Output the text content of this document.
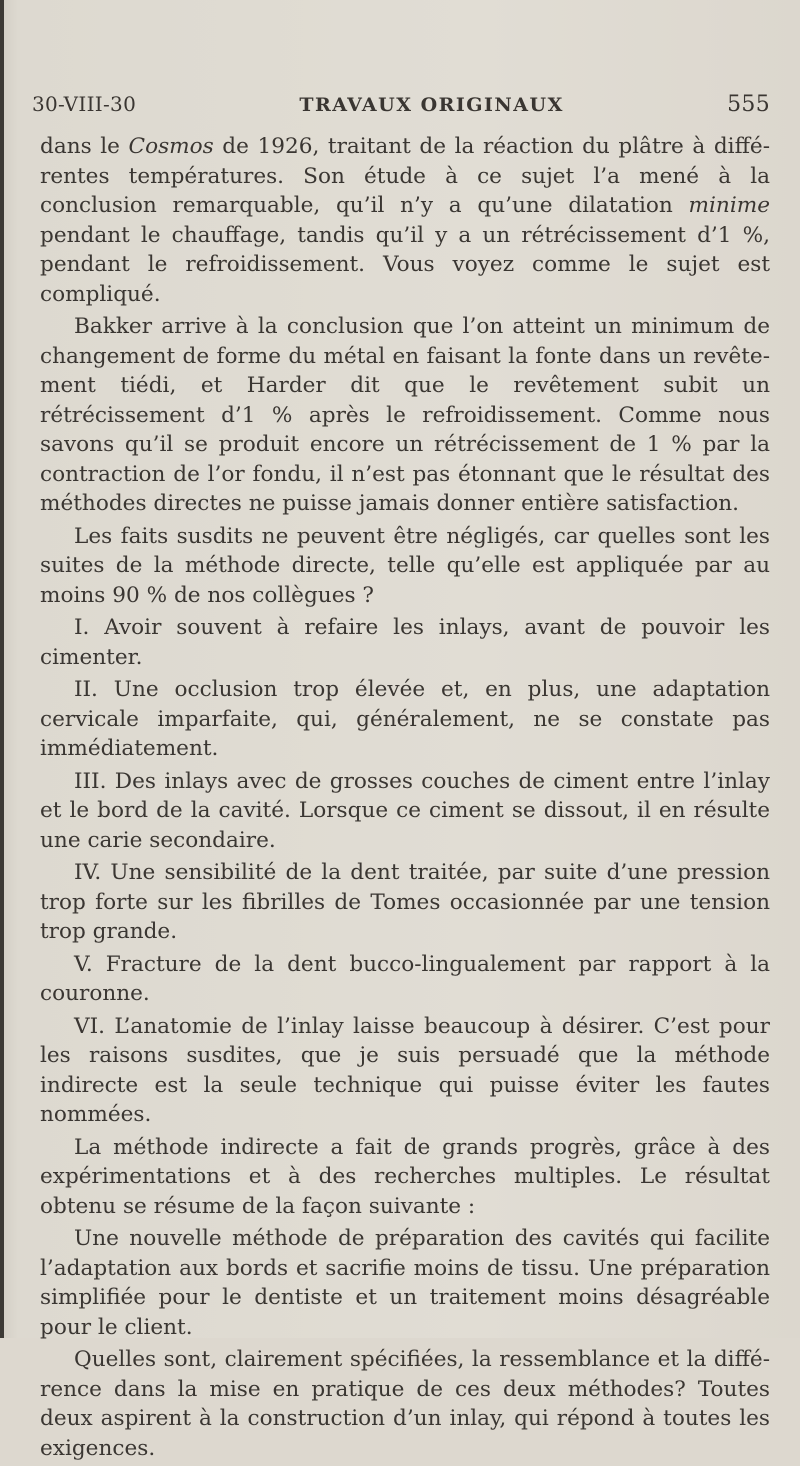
30-VIII-30	TRAVAUX ORIGINAUX	555

dans le Cosmos de 1926, traitant de la réaction du plâtre à différentes températures. Son étude à ce sujet l’a mené à la conclusion remarquable, qu’il n’y a qu’une dilatation minime pendant le chauffage, tandis qu’il y a un rétrécissement d’1 %, pendant le refroidissement. Vous voyez comme le sujet est compliqué.

Bakker arrive à la conclusion que l’on atteint un minimum de changement de forme du métal en faisant la fonte dans un revêtement tiédi, et Harder dit que le revêtement subit un rétrécissement d’1 % après le refroidissement. Comme nous savons qu’il se produit encore un rétrécissement de 1 % par la contraction de l’or fondu, il n’est pas étonnant que le résultat des méthodes directes ne puisse jamais donner entière satisfaction.

Les faits susdits ne peuvent être négligés, car quelles sont les suites de la méthode directe, telle qu’elle est appliquée par au moins 90 % de nos collègues ?

I. Avoir souvent à refaire les inlays, avant de pouvoir les cimenter.

II. Une occlusion trop élevée et, en plus, une adaptation cervicale imparfaite, qui, généralement, ne se constate pas immédiatement.

III. Des inlays avec de grosses couches de ciment entre l’inlay et le bord de la cavité. Lorsque ce ciment se dissout, il en résulte une carie secondaire.

IV. Une sensibilité de la dent traitée, par suite d’une pression trop forte sur les fibrilles de Tomes occasionnée par une tension trop grande.

V. Fracture de la dent bucco-lingualement par rapport à la couronne.

VI. L’anatomie de l’inlay laisse beaucoup à désirer. C’est pour les raisons susdites, que je suis persuadé que la méthode indirecte est la seule technique qui puisse éviter les fautes nommées.

La méthode indirecte a fait de grands progrès, grâce à des expérimentations et à des recherches multiples. Le résultat obtenu se résume de la façon suivante :

Une nouvelle méthode de préparation des cavités qui facilite l’adaptation aux bords et sacrifie moins de tissu. Une préparation simplifiée pour le dentiste et un traitement moins désagréable pour le client.

Quelles sont, clairement spécifiées, la ressemblance et la différence dans la mise en pratique de ces deux méthodes? Toutes deux aspirent à la construction d’un inlay, qui répond à toutes les exigences.
